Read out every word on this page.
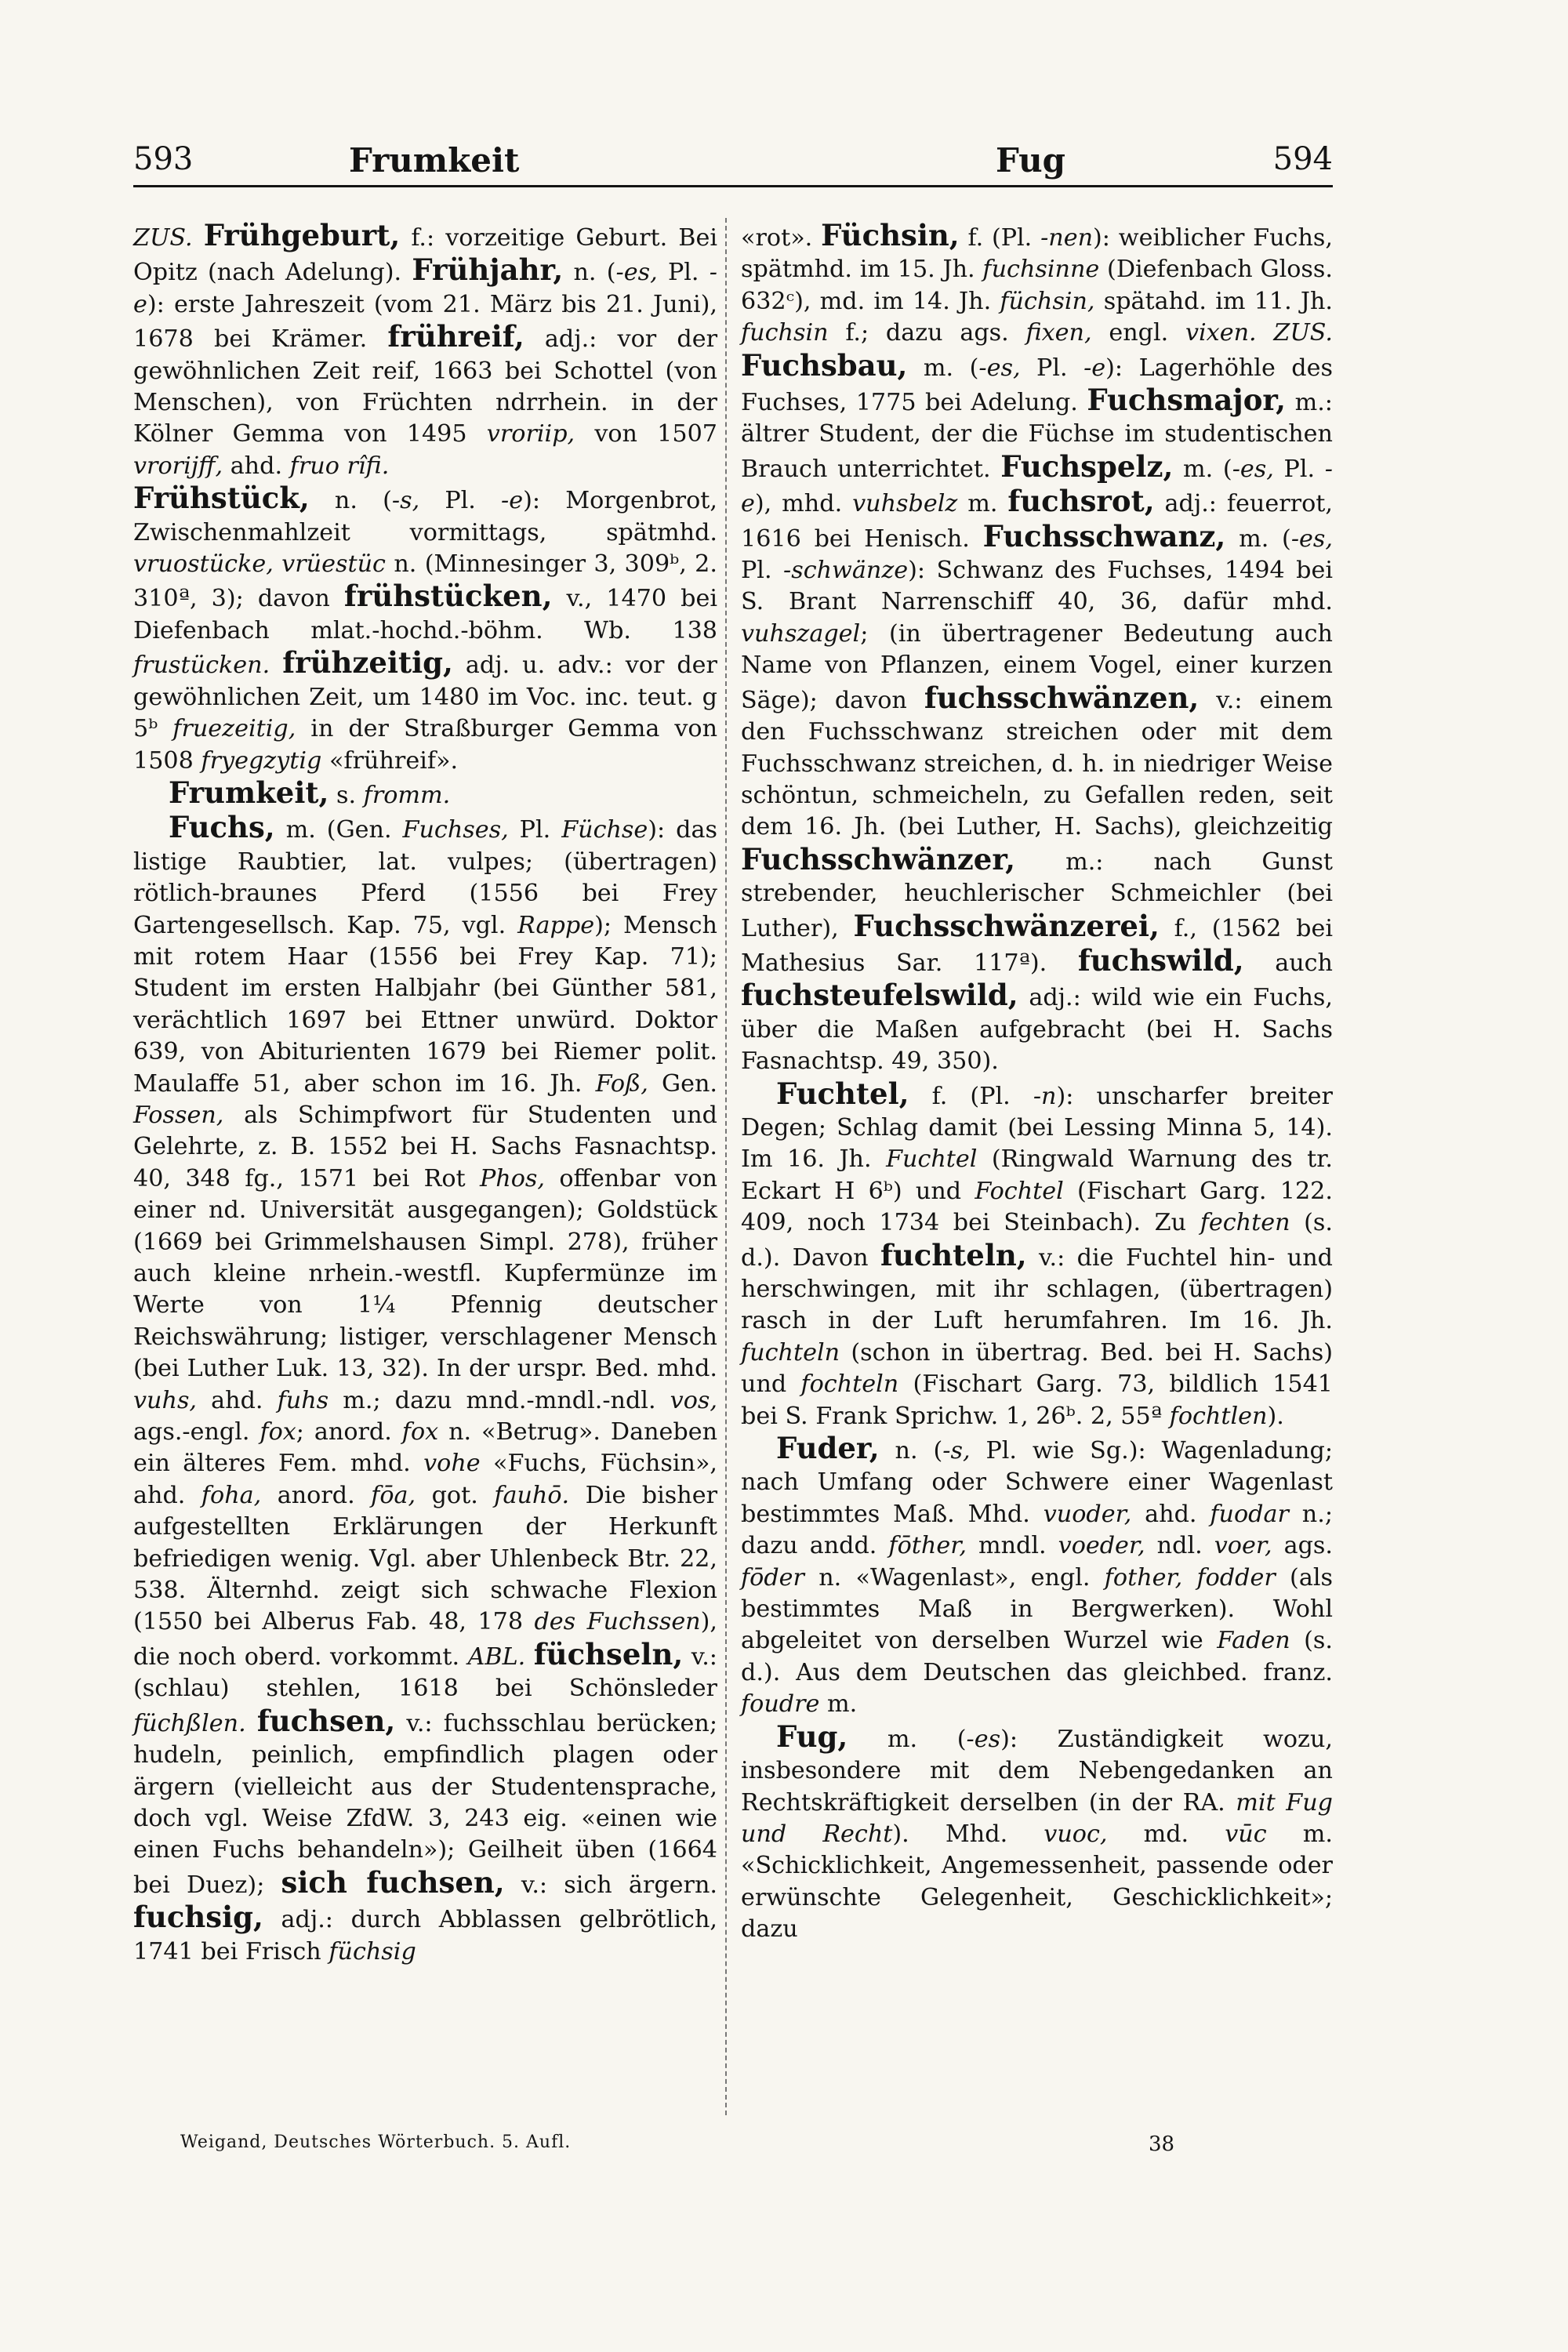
593	Frumkeit	Fug	594

ZUS. Frühgeburt, f.: vorzeitige Geburt. Bei Opitz (nach Adelung). Frühjahr, n. (-es, Pl. -e): erste Jahreszeit (vom 21. März bis 21. Juni), 1678 bei Krämer. frühreif, adj.: vor der gewöhnlichen Zeit reif, 1663 bei Schottel (von Menschen), von Früchten ndrrhein. in der Kölner Gemma von 1495 vroriip, von 1507 vrorijff, ahd. fruo rîfi.

Frühstück, n. (-s, Pl. -e): Morgenbrot, Zwischenmahlzeit vormittags, spätmhd. vruostücke, vrüestüc n. (Minnesinger 3, 309ᵇ, 2. 310ª, 3); davon frühstücken, v., 1470 bei Diefenbach mlat.-hochd.-böhm. Wb. 138 frustücken. frühzeitig, adj. u. adv.: vor der gewöhnlichen Zeit, um 1480 im Voc. inc. teut. g 5ᵇ fruezeitig, in der Straßburger Gemma von 1508 fryegzytig «frühreif».

Frumkeit, s. fromm.

Fuchs, m. (Gen. Fuchses, Pl. Füchse): das listige Raubtier, lat. vulpes; (übertragen) rötlich-braunes Pferd (1556 bei Frey Gartengesellsch. Kap. 75, vgl. Rappe); Mensch mit rotem Haar (1556 bei Frey Kap. 71); Student im ersten Halbjahr (bei Günther 581, verächtlich 1697 bei Ettner unwürd. Doktor 639, von Abiturienten 1679 bei Riemer polit. Maulaffe 51, aber schon im 16. Jh. Foß, Gen. Fossen, als Schimpfwort für Studenten und Gelehrte, z. B. 1552 bei H. Sachs Fasnachtsp. 40, 348 fg., 1571 bei Rot Phos, offenbar von einer nd. Universität ausgegangen); Goldstück (1669 bei Grimmelshausen Simpl. 278), früher auch kleine nrhein.-westfl. Kupfermünze im Werte von 1¼ Pfennig deutscher Reichswährung; listiger, verschlagener Mensch (bei Luther Luk. 13, 32). In der urspr. Bed. mhd. vuhs, ahd. fuhs m.; dazu mnd.-mndl.-ndl. vos, ags.-engl. fox; anord. fox n. «Betrug». Daneben ein älteres Fem. mhd. vohe «Fuchs, Füchsin», ahd. foha, anord. fōa, got. fauhō. Die bisher aufgestellten Erklärungen der Herkunft befriedigen wenig. Vgl. aber Uhlenbeck Btr. 22, 538. Älternhd. zeigt sich schwache Flexion (1550 bei Alberus Fab. 48, 178 des Fuchssen), die noch oberd. vorkommt. ABL. füchseln, v.: (schlau) stehlen, 1618 bei Schönsleder füchßlen. fuchsen, v.: fuchsschlau berücken; hudeln, peinlich, empfindlich plagen oder ärgern (vielleicht aus der Studentensprache, doch vgl. Weise ZfdW. 3, 243 eig. «einen wie einen Fuchs behandeln»); Geilheit üben (1664 bei Duez); sich fuchsen, v.: sich ärgern. fuchsig, adj.: durch Abblassen gelbrötlich, 1741 bei Frisch füchsig

«rot». Füchsin, f. (Pl. -nen): weiblicher Fuchs, spätmhd. im 15. Jh. fuchsinne (Diefenbach Gloss. 632ᶜ), md. im 14. Jh. füchsin, spätahd. im 11. Jh. fuchsin f.; dazu ags. fixen, engl. vixen. ZUS. Fuchsbau, m. (-es, Pl. -e): Lagerhöhle des Fuchses, 1775 bei Adelung. Fuchsmajor, m.: ältrer Student, der die Füchse im studentischen Brauch unterrichtet. Fuchspelz, m. (-es, Pl. -e), mhd. vuhsbelz m. fuchsrot, adj.: feuerrot, 1616 bei Henisch. Fuchsschwanz, m. (-es, Pl. -schwänze): Schwanz des Fuchses, 1494 bei S. Brant Narrenschiff 40, 36, dafür mhd. vuhszagel; (in übertragener Bedeutung auch Name von Pflanzen, einem Vogel, einer kurzen Säge); davon fuchsschwänzen, v.: einem den Fuchsschwanz streichen oder mit dem Fuchsschwanz streichen, d. h. in niedriger Weise schöntun, schmeicheln, zu Gefallen reden, seit dem 16. Jh. (bei Luther, H. Sachs), gleichzeitig Fuchsschwänzer, m.: nach Gunst strebender, heuchlerischer Schmeichler (bei Luther), Fuchsschwänzerei, f., (1562 bei Mathesius Sar. 117ª). fuchswild, auch fuchsteufelswild, adj.: wild wie ein Fuchs, über die Maßen aufgebracht (bei H. Sachs Fasnachtsp. 49, 350).

Fuchtel, f. (Pl. -n): unscharfer breiter Degen; Schlag damit (bei Lessing Minna 5, 14). Im 16. Jh. Fuchtel (Ringwald Warnung des tr. Eckart H 6ᵇ) und Fochtel (Fischart Garg. 122. 409, noch 1734 bei Steinbach). Zu fechten (s. d.). Davon fuchteln, v.: die Fuchtel hin- und herschwingen, mit ihr schlagen, (übertragen) rasch in der Luft herumfahren. Im 16. Jh. fuchteln (schon in übertrag. Bed. bei H. Sachs) und fochteln (Fischart Garg. 73, bildlich 1541 bei S. Frank Sprichw. 1, 26ᵇ. 2, 55ª fochtlen).

Fuder, n. (-s, Pl. wie Sg.): Wagenladung; nach Umfang oder Schwere einer Wagenlast bestimmtes Maß. Mhd. vuoder, ahd. fuodar n.; dazu andd. fōther, mndl. voeder, ndl. voer, ags. fōder n. «Wagenlast», engl. fother, fodder (als bestimmtes Maß in Bergwerken). Wohl abgeleitet von derselben Wurzel wie Faden (s. d.). Aus dem Deutschen das gleichbed. franz. foudre m.

Fug, m. (-es): Zuständigkeit wozu, insbesondere mit dem Nebengedanken an Rechtskräftigkeit derselben (in der RA. mit Fug und Recht). Mhd. vuoc, md. vūc m. «Schicklichkeit, Angemessenheit, passende oder erwünschte Gelegenheit, Geschicklichkeit»; dazu

Weigand, Deutsches Wörterbuch. 5. Aufl.	38
